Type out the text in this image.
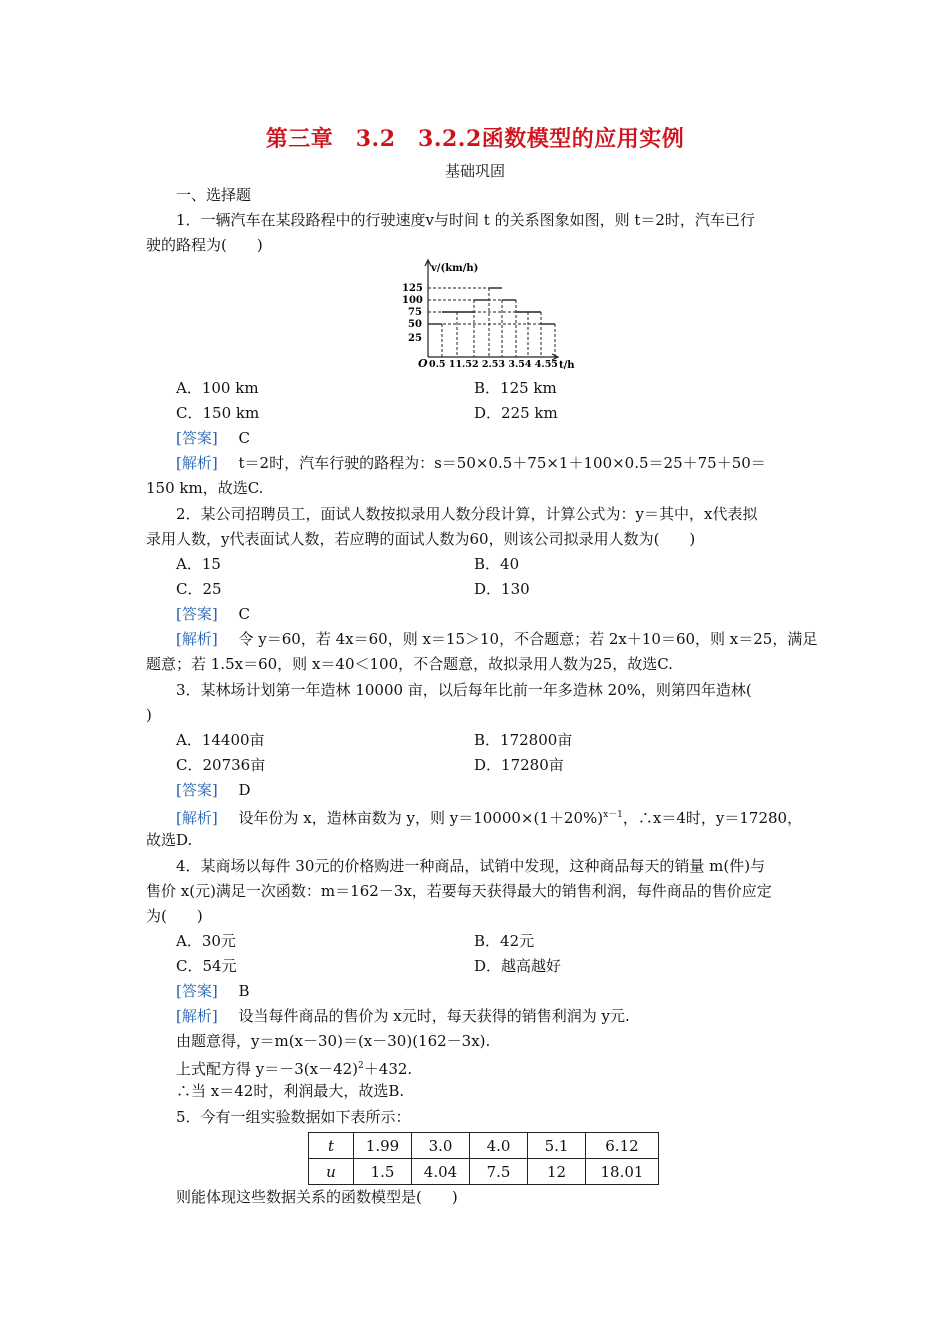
第三章　3.2　3.2.2函数模型的应用实例
基础巩固
一、选择题
1．一辆汽车在某段路程中的行驶速度v与时间 t 的关系图象如图，则 t＝2时，汽车已行
驶的路程为(　　)
v/(km/h)
125
100
75
50
25
O 0.5 11.52 2.53 3.54 4.55 t/h
A．100 km	B．125 km
C．150 km	D．225 km
[答案] C
[解析] t＝2时，汽车行驶的路程为：s＝50×0.5＋75×1＋100×0.5＝25＋75＋50＝
150 km，故选C.
2．某公司招聘员工，面试人数按拟录用人数分段计算，计算公式为：y＝其中，x代表拟
录用人数，y代表面试人数，若应聘的面试人数为60，则该公司拟录用人数为(　　)
A．15	B．40
C．25	D．130
[答案] C
[解析] 令 y＝60，若 4x＝60，则 x＝15＞10，不合题意；若 2x＋10＝60，则 x＝25，满足
题意；若 1.5x＝60，则 x＝40＜100，不合题意，故拟录用人数为25，故选C.
3．某林场计划第一年造林 10000 亩，以后每年比前一年多造林 20%，则第四年造林(
)
A．14400亩	B．172800亩
C．20736亩	D．17280亩
[答案] D
[解析] 设年份为 x，造林亩数为 y，则 $y=10000\times(1+20\%)^{x-1}$，∴x＝4时，y＝17280，
故选D.
4．某商场以每件 30元的价格购进一种商品，试销中发现，这种商品每天的销量 m(件)与
售价 x(元)满足一次函数：m＝162－3x，若要每天获得最大的销售利润，每件商品的售价应定
为(　　)
A．30元	B．42元
C．54元	D．越高越好
[答案] B
[解析] 设当每件商品的售价为 x元时，每天获得的销售利润为 y元.
由题意得，y＝m(x－30)＝(x－30)(162－3x).
上式配方得 $y=-3(x-42)^2+432$.
∴当 x＝42时，利润最大，故选B.
5．今有一组实验数据如下表所示：
t	1.99	3.0	4.0	5.1	6.12
u	1.5	4.04	7.5	12	18.01
则能体现这些数据关系的函数模型是(　　)
